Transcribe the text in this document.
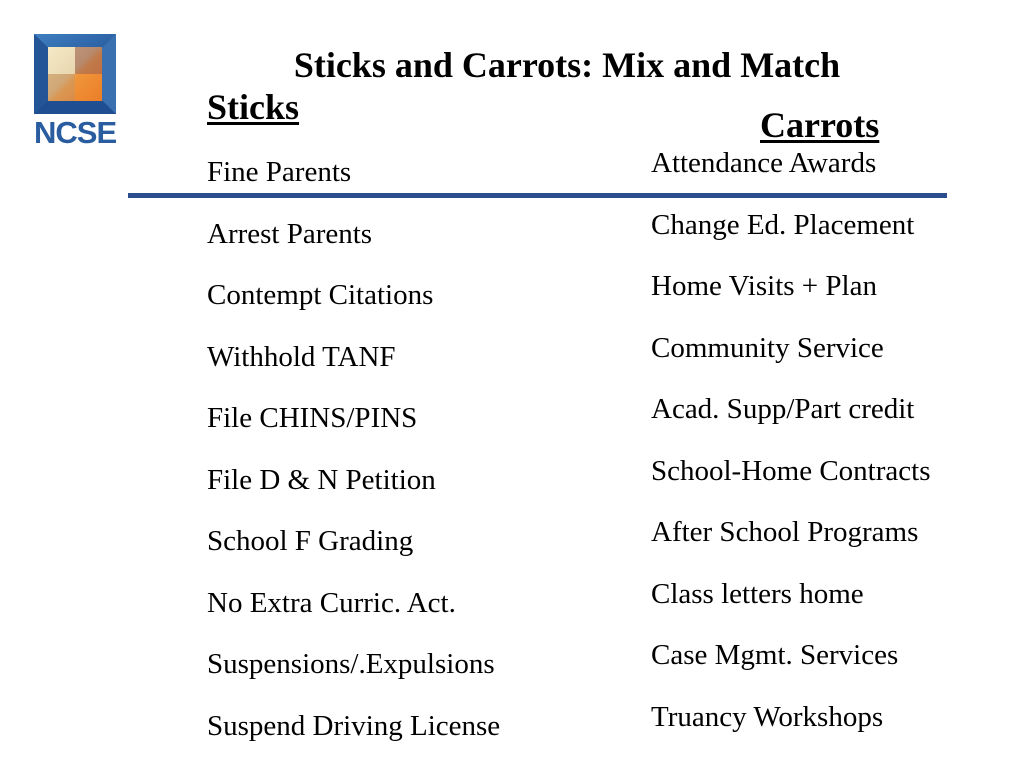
NCSE
Sticks and Carrots: Mix and Match
Sticks	Carrots
Fine Parents
Arrest Parents
Contempt Citations
Withhold TANF
File CHINS/PINS
File D & N Petition
School F Grading
No Extra Curric. Act.
Suspensions/.Expulsions
Suspend Driving License
Attendance Awards
Change Ed. Placement
Home Visits + Plan
Community Service
Acad. Supp/Part credit
School-Home Contracts
After School Programs
Class letters home
Case Mgmt. Services
Truancy Workshops
